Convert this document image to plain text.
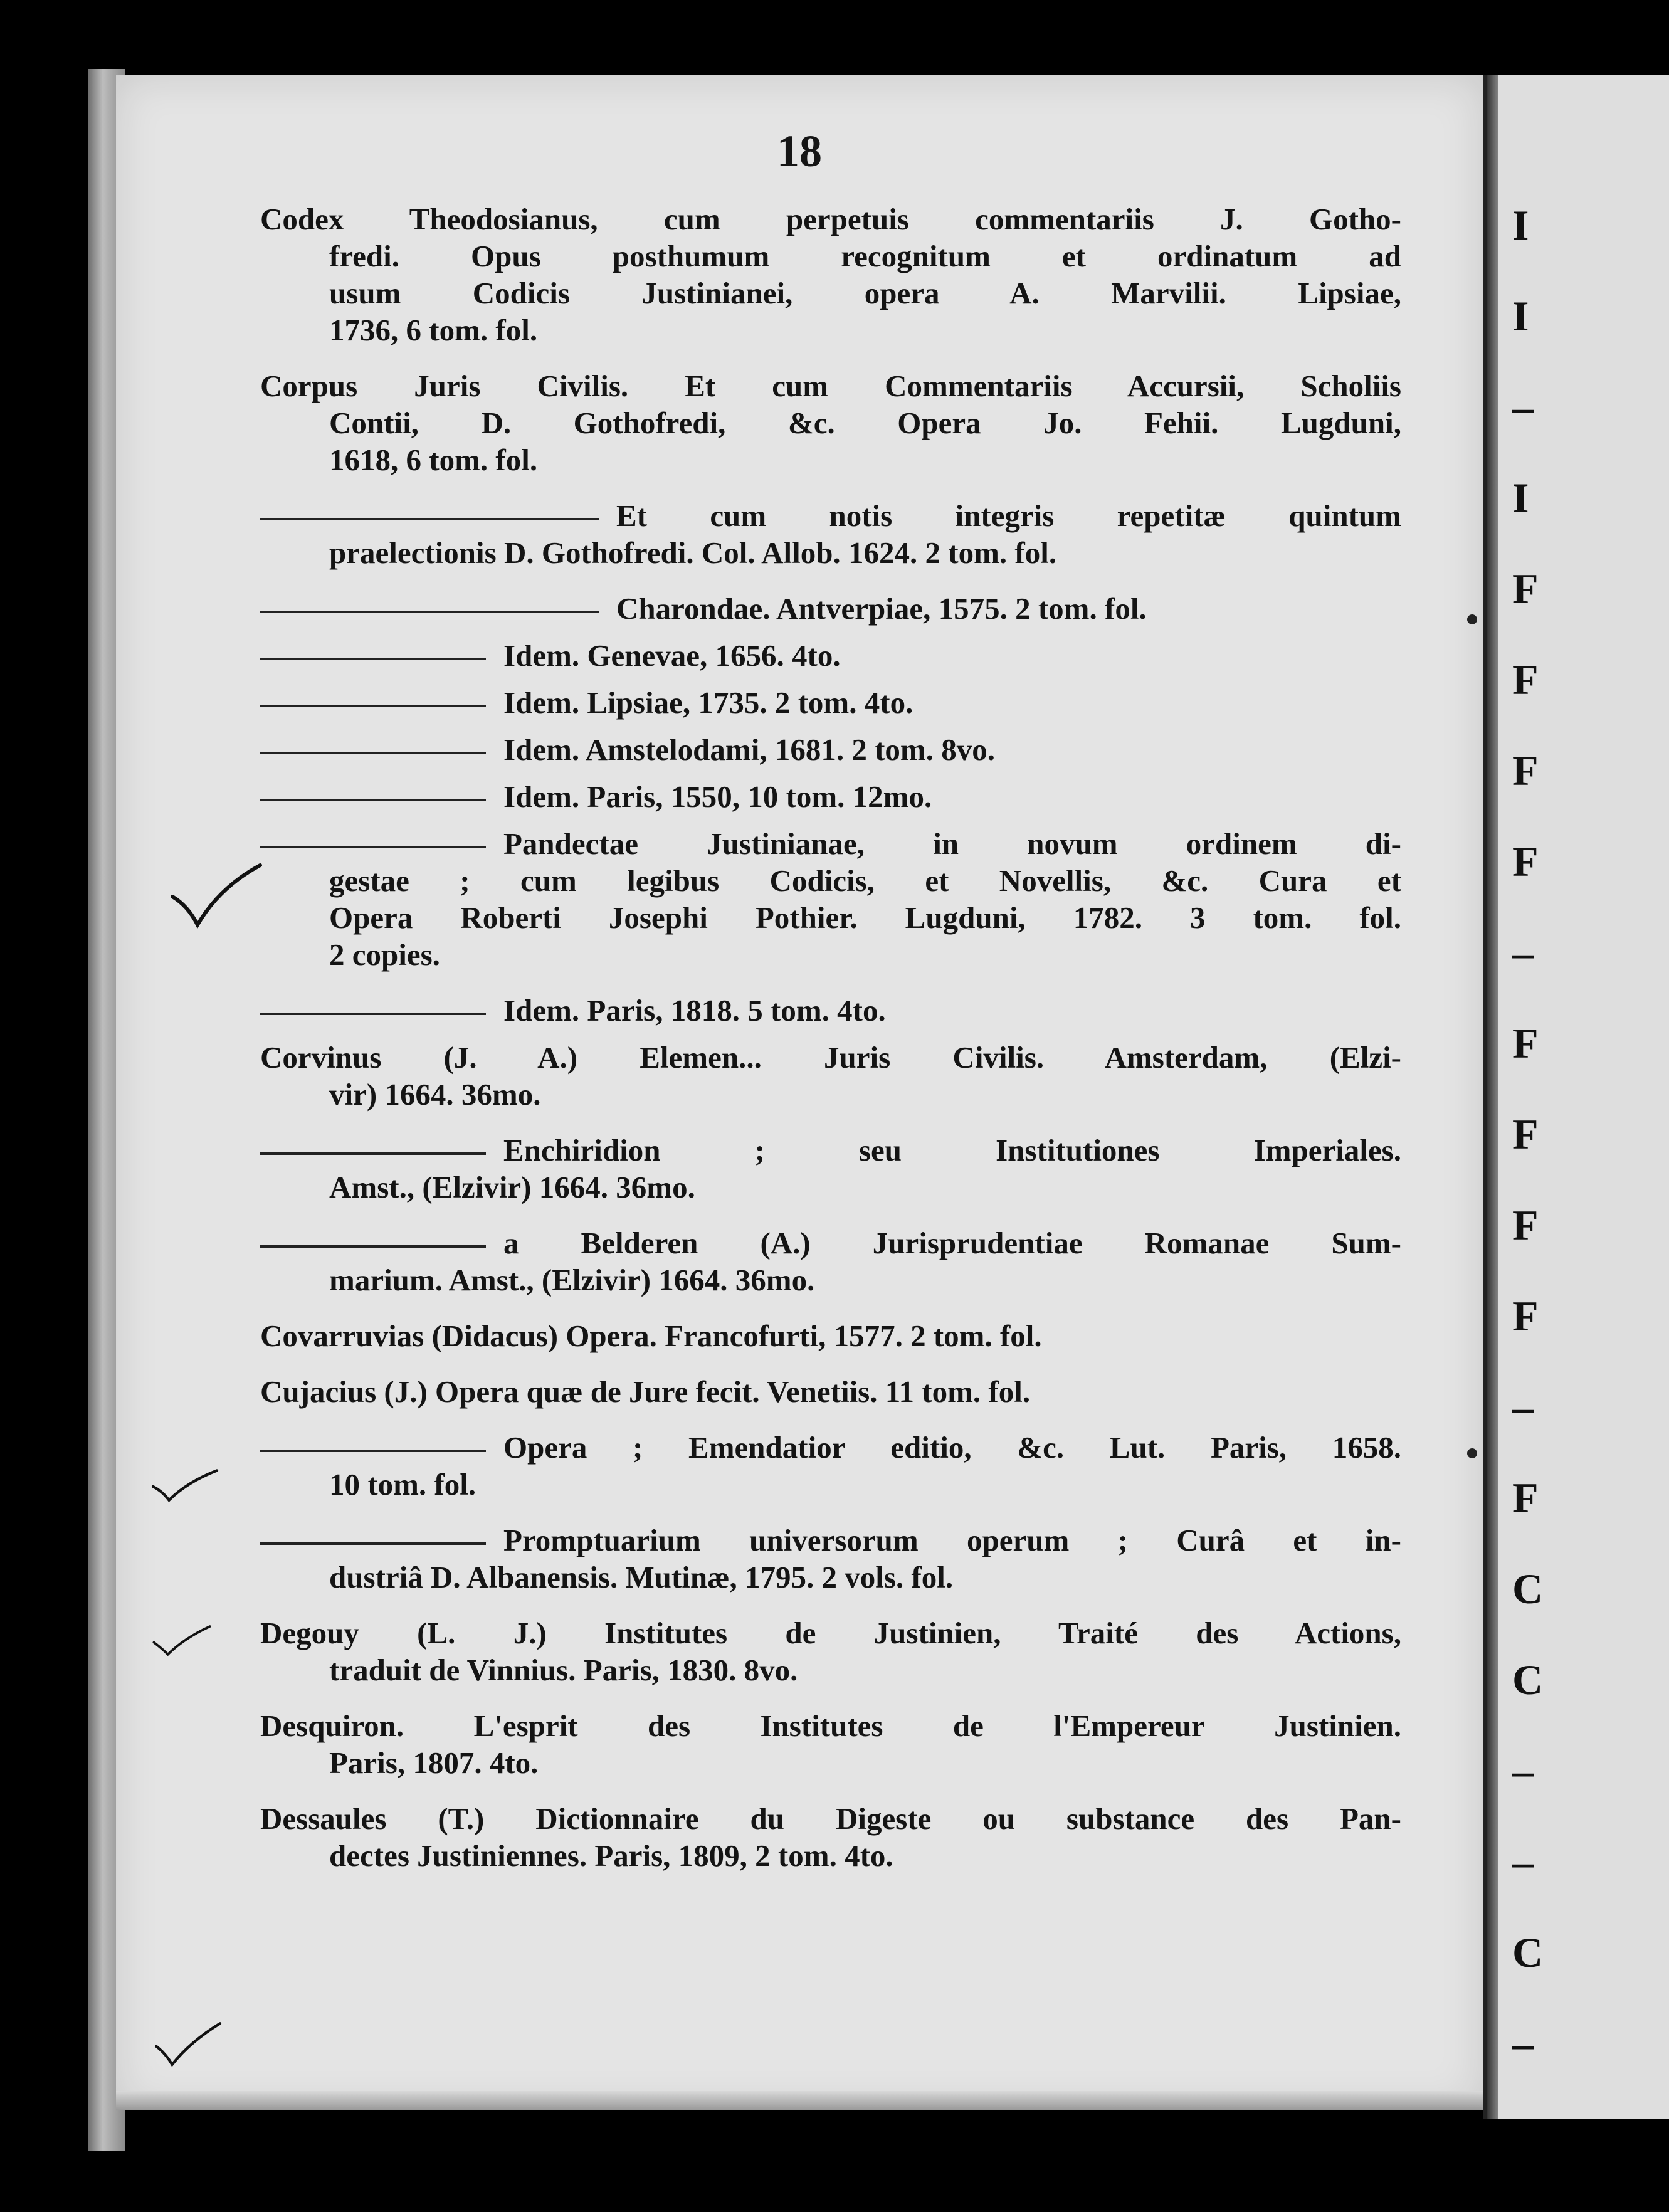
18
Codex Theodosianus, cum perpetuis commentariis J. Gotho-
fredi. Opus posthumum recognitum et ordinatum ad
usum Codicis Justinianei, opera A. Marvilii. Lipsiae,
1736, 6 tom. fol.
Corpus Juris Civilis. Et cum Commentariis Accursii, Scholiis
Contii, D. Gothofredi, &c. Opera Jo. Fehii. Lugduni,
1618, 6 tom. fol.
Et cum notis integris repetitæ quintum
praelectionis D. Gothofredi. Col. Allob. 1624. 2 tom. fol.
Charondae. Antverpiae, 1575. 2 tom. fol.
Idem. Genevae, 1656. 4to.
Idem. Lipsiae, 1735. 2 tom. 4to.
Idem. Amstelodami, 1681. 2 tom. 8vo.
Idem. Paris, 1550, 10 tom. 12mo.
Pandectae Justinianae, in novum ordinem di-
gestae ; cum legibus Codicis, et Novellis, &c. Cura et
Opera Roberti Josephi Pothier. Lugduni, 1782. 3 tom. fol.
2 copies.
Idem. Paris, 1818. 5 tom. 4to.
Corvinus (J. A.) Elemen... Juris Civilis. Amsterdam, (Elzi-
vir) 1664. 36mo.
Enchiridion ; seu Institutiones Imperiales.
Amst., (Elzivir) 1664. 36mo.
a Belderen (A.) Jurisprudentiae Romanae Sum-
marium. Amst., (Elzivir) 1664. 36mo.
Covarruvias (Didacus) Opera. Francofurti, 1577. 2 tom. fol.
Cujacius (J.) Opera quæ de Jure fecit. Venetiis. 11 tom. fol.
Opera ; Emendatior editio, &c. Lut. Paris, 1658.
10 tom. fol.
Promptuarium universorum operum ; Curâ et in-
dustriâ D. Albanensis. Mutinæ, 1795. 2 vols. fol.
Degouy (L. J.) Institutes de Justinien, Traité des Actions,
traduit de Vinnius. Paris, 1830. 8vo.
Desquiron. L'esprit des Institutes de l'Empereur Justinien.
Paris, 1807. 4to.
Dessaules (T.) Dictionnaire du Digeste ou substance des Pan-
dectes Justiniennes. Paris, 1809, 2 tom. 4to.
I
I
–
I
F
F
F
F
–
F
F
F
F
–
F
C
C
–
–
C
–
